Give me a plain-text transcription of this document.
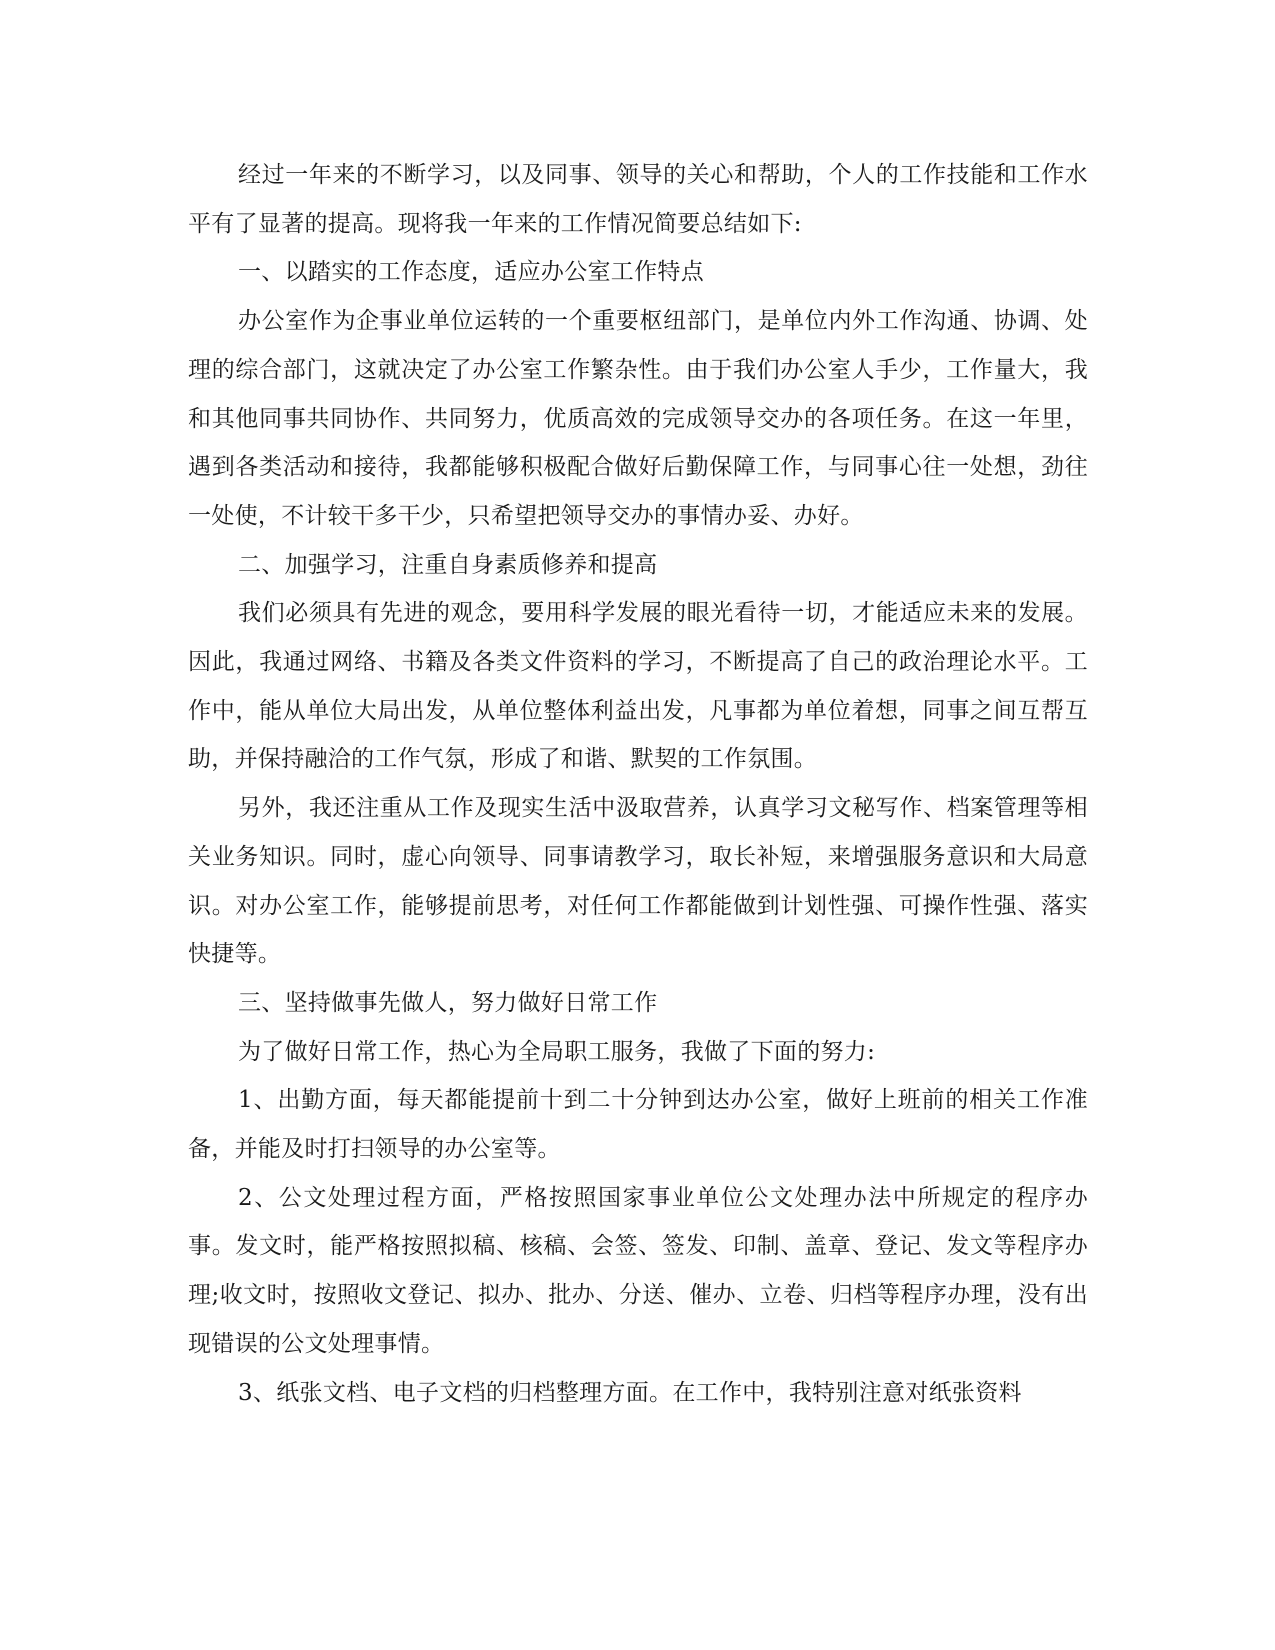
经过一年来的不断学习，以及同事、领导的关心和帮助，个人的工作技能和工作水平有了显著的提高。现将我一年来的工作情况简要总结如下:

一、以踏实的工作态度，适应办公室工作特点

办公室作为企事业单位运转的一个重要枢纽部门，是单位内外工作沟通、协调、处理的综合部门，这就决定了办公室工作繁杂性。由于我们办公室人手少，工作量大，我和其他同事共同协作、共同努力，优质高效的完成领导交办的各项任务。在这一年里，遇到各类活动和接待，我都能够积极配合做好后勤保障工作，与同事心往一处想，劲往一处使，不计较干多干少，只希望把领导交办的事情办妥、办好。

二、加强学习，注重自身素质修养和提高

我们必须具有先进的观念，要用科学发展的眼光看待一切，才能适应未来的发展。因此，我通过网络、书籍及各类文件资料的学习，不断提高了自己的政治理论水平。工作中，能从单位大局出发，从单位整体利益出发，凡事都为单位着想，同事之间互帮互助，并保持融洽的工作气氛，形成了和谐、默契的工作氛围。

另外，我还注重从工作及现实生活中汲取营养，认真学习文秘写作、档案管理等相关业务知识。同时，虚心向领导、同事请教学习，取长补短，来增强服务意识和大局意识。对办公室工作，能够提前思考，对任何工作都能做到计划性强、可操作性强、落实快捷等。

三、坚持做事先做人，努力做好日常工作

为了做好日常工作，热心为全局职工服务，我做了下面的努力:

1、出勤方面，每天都能提前十到二十分钟到达办公室，做好上班前的相关工作准备，并能及时打扫领导的办公室等。

2、公文处理过程方面，严格按照国家事业单位公文处理办法中所规定的程序办事。发文时，能严格按照拟稿、核稿、会签、签发、印制、盖章、登记、发文等程序办理;收文时，按照收文登记、拟办、批办、分送、催办、立卷、归档等程序办理，没有出现错误的公文处理事情。

3、纸张文档、电子文档的归档整理方面。在工作中，我特别注意对纸张资料
